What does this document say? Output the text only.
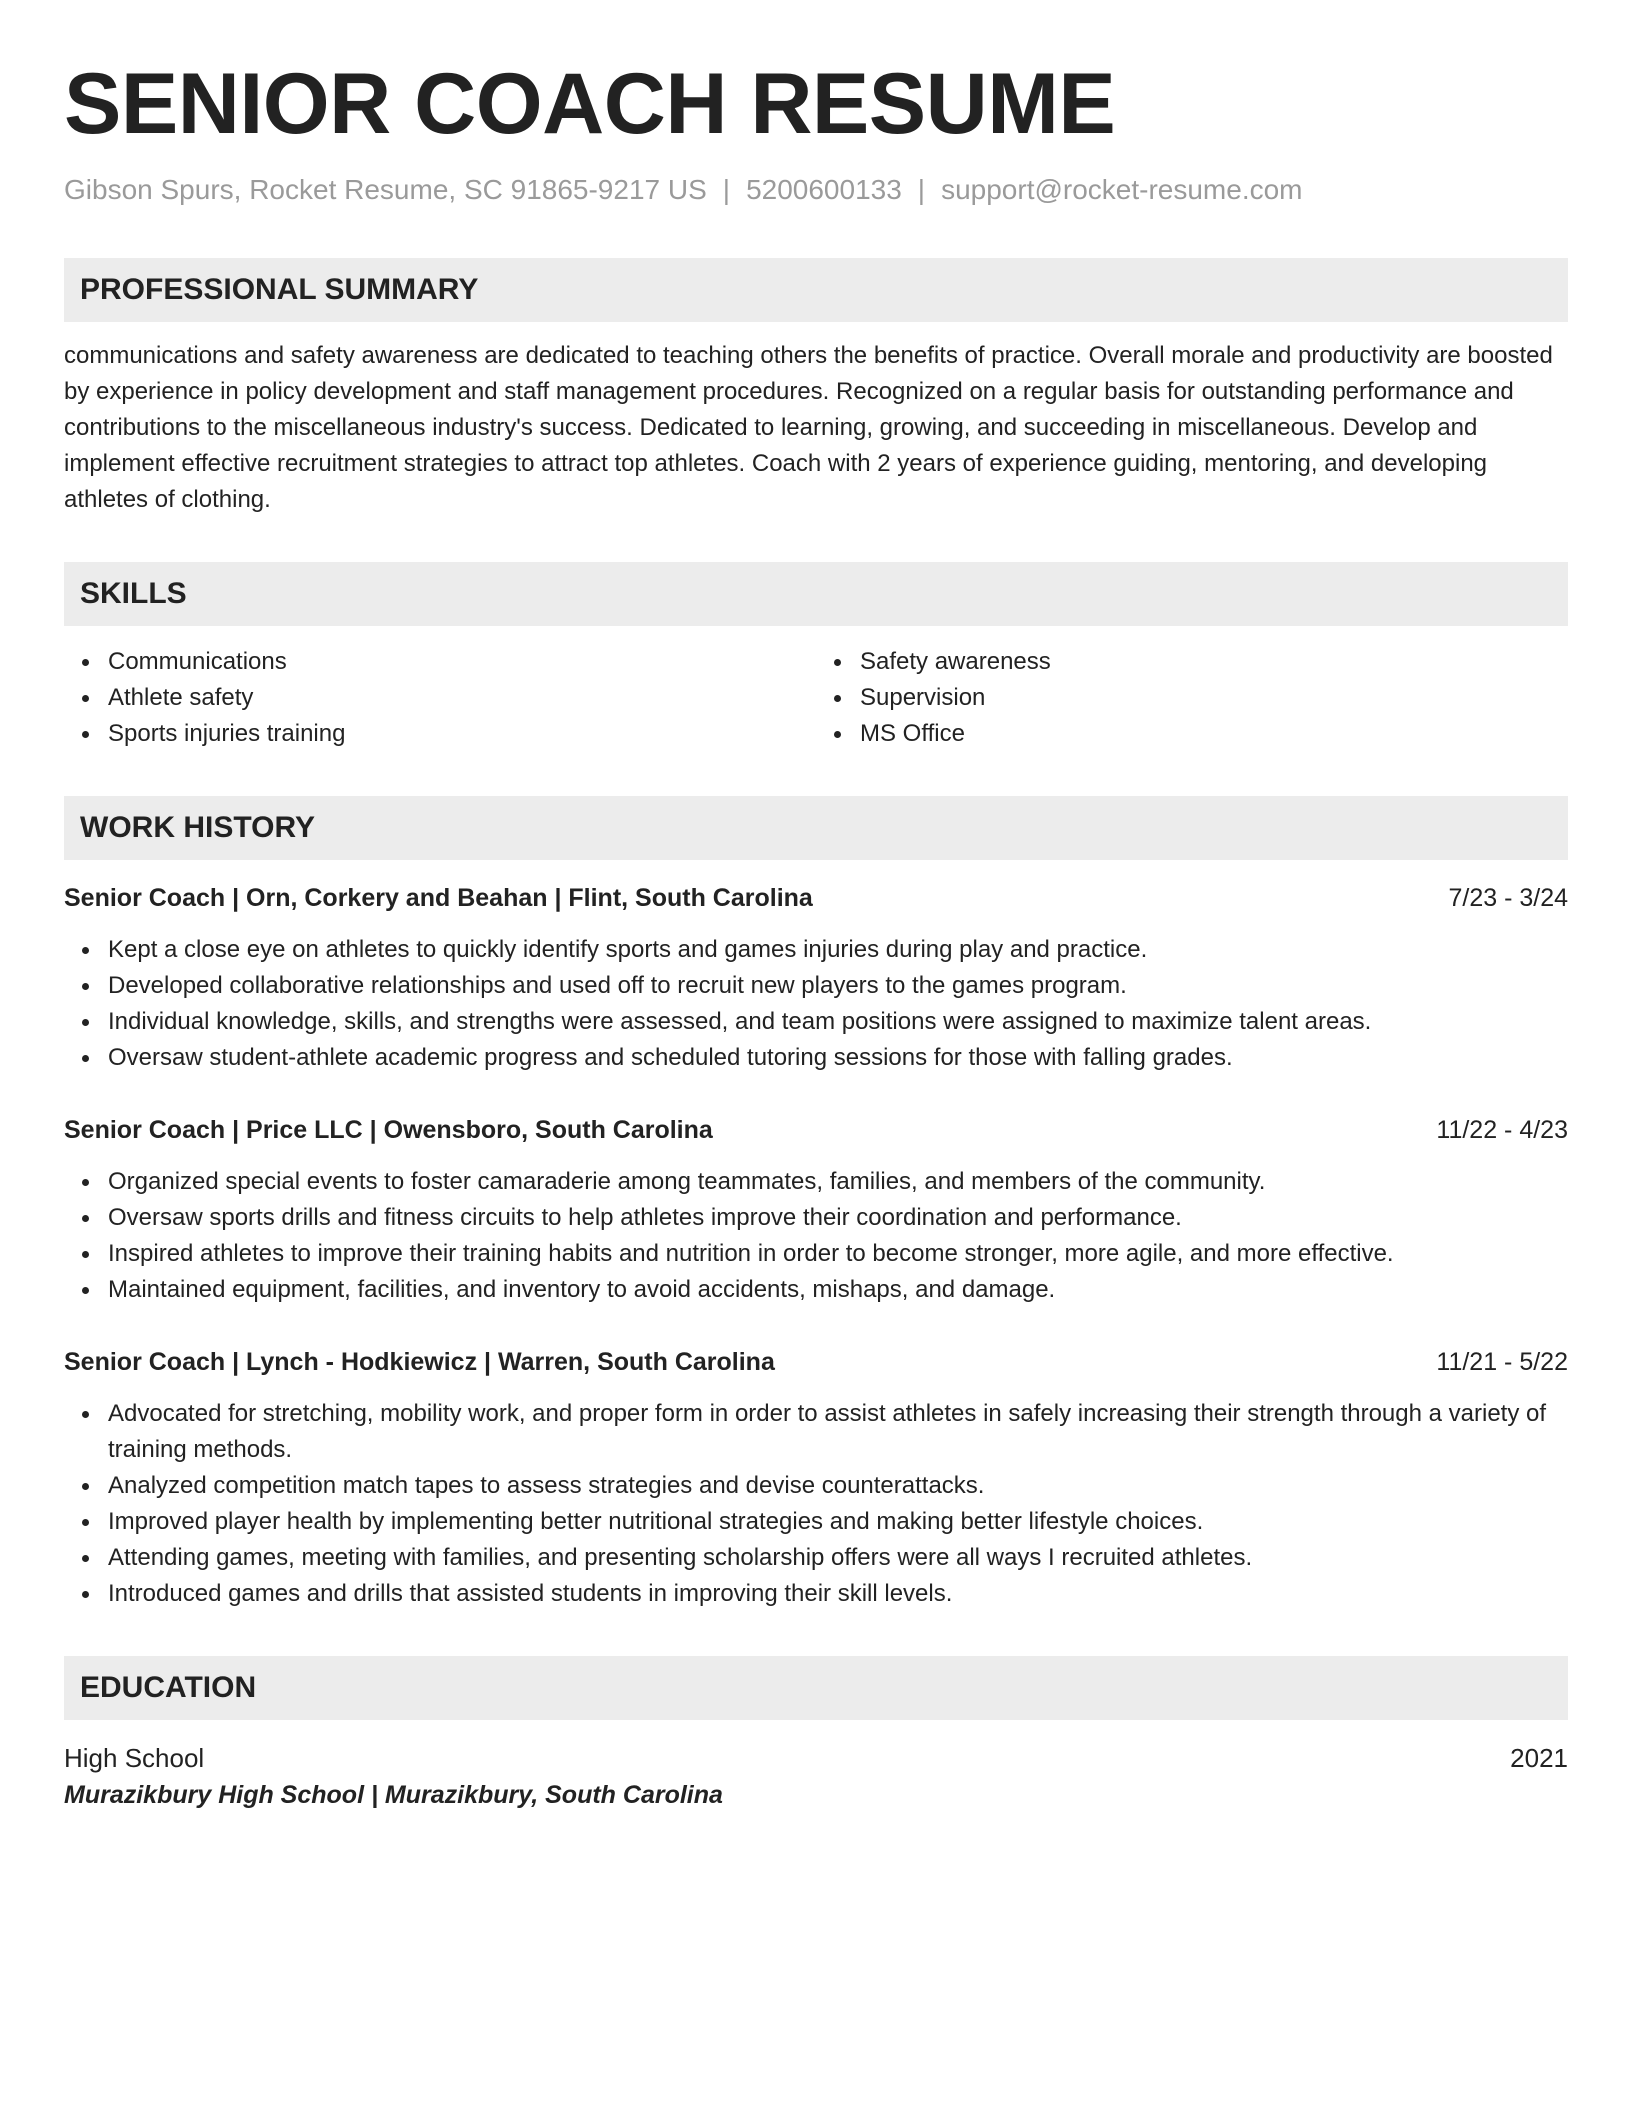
SENIOR COACH RESUME
Gibson Spurs, Rocket Resume, SC 91865-9217 US | 5200600133 | support@rocket-resume.com
PROFESSIONAL SUMMARY
communications and safety awareness are dedicated to teaching others the benefits of practice. Overall morale and productivity are boosted by experience in policy development and staff management procedures. Recognized on a regular basis for outstanding performance and contributions to the miscellaneous industry's success. Dedicated to learning, growing, and succeeding in miscellaneous. Develop and implement effective recruitment strategies to attract top athletes. Coach with 2 years of experience guiding, mentoring, and developing athletes of clothing.
SKILLS
Communications
Athlete safety
Sports injuries training
Safety awareness
Supervision
MS Office
WORK HISTORY
Senior Coach | Orn, Corkery and Beahan | Flint, South Carolina	7/23 - 3/24
Kept a close eye on athletes to quickly identify sports and games injuries during play and practice.
Developed collaborative relationships and used off to recruit new players to the games program.
Individual knowledge, skills, and strengths were assessed, and team positions were assigned to maximize talent areas.
Oversaw student-athlete academic progress and scheduled tutoring sessions for those with falling grades.
Senior Coach | Price LLC | Owensboro, South Carolina	11/22 - 4/23
Organized special events to foster camaraderie among teammates, families, and members of the community.
Oversaw sports drills and fitness circuits to help athletes improve their coordination and performance.
Inspired athletes to improve their training habits and nutrition in order to become stronger, more agile, and more effective.
Maintained equipment, facilities, and inventory to avoid accidents, mishaps, and damage.
Senior Coach | Lynch - Hodkiewicz | Warren, South Carolina	11/21 - 5/22
Advocated for stretching, mobility work, and proper form in order to assist athletes in safely increasing their strength through a variety of training methods.
Analyzed competition match tapes to assess strategies and devise counterattacks.
Improved player health by implementing better nutritional strategies and making better lifestyle choices.
Attending games, meeting with families, and presenting scholarship offers were all ways I recruited athletes.
Introduced games and drills that assisted students in improving their skill levels.
EDUCATION
High School	2021
Murazikbury High School | Murazikbury, South Carolina
